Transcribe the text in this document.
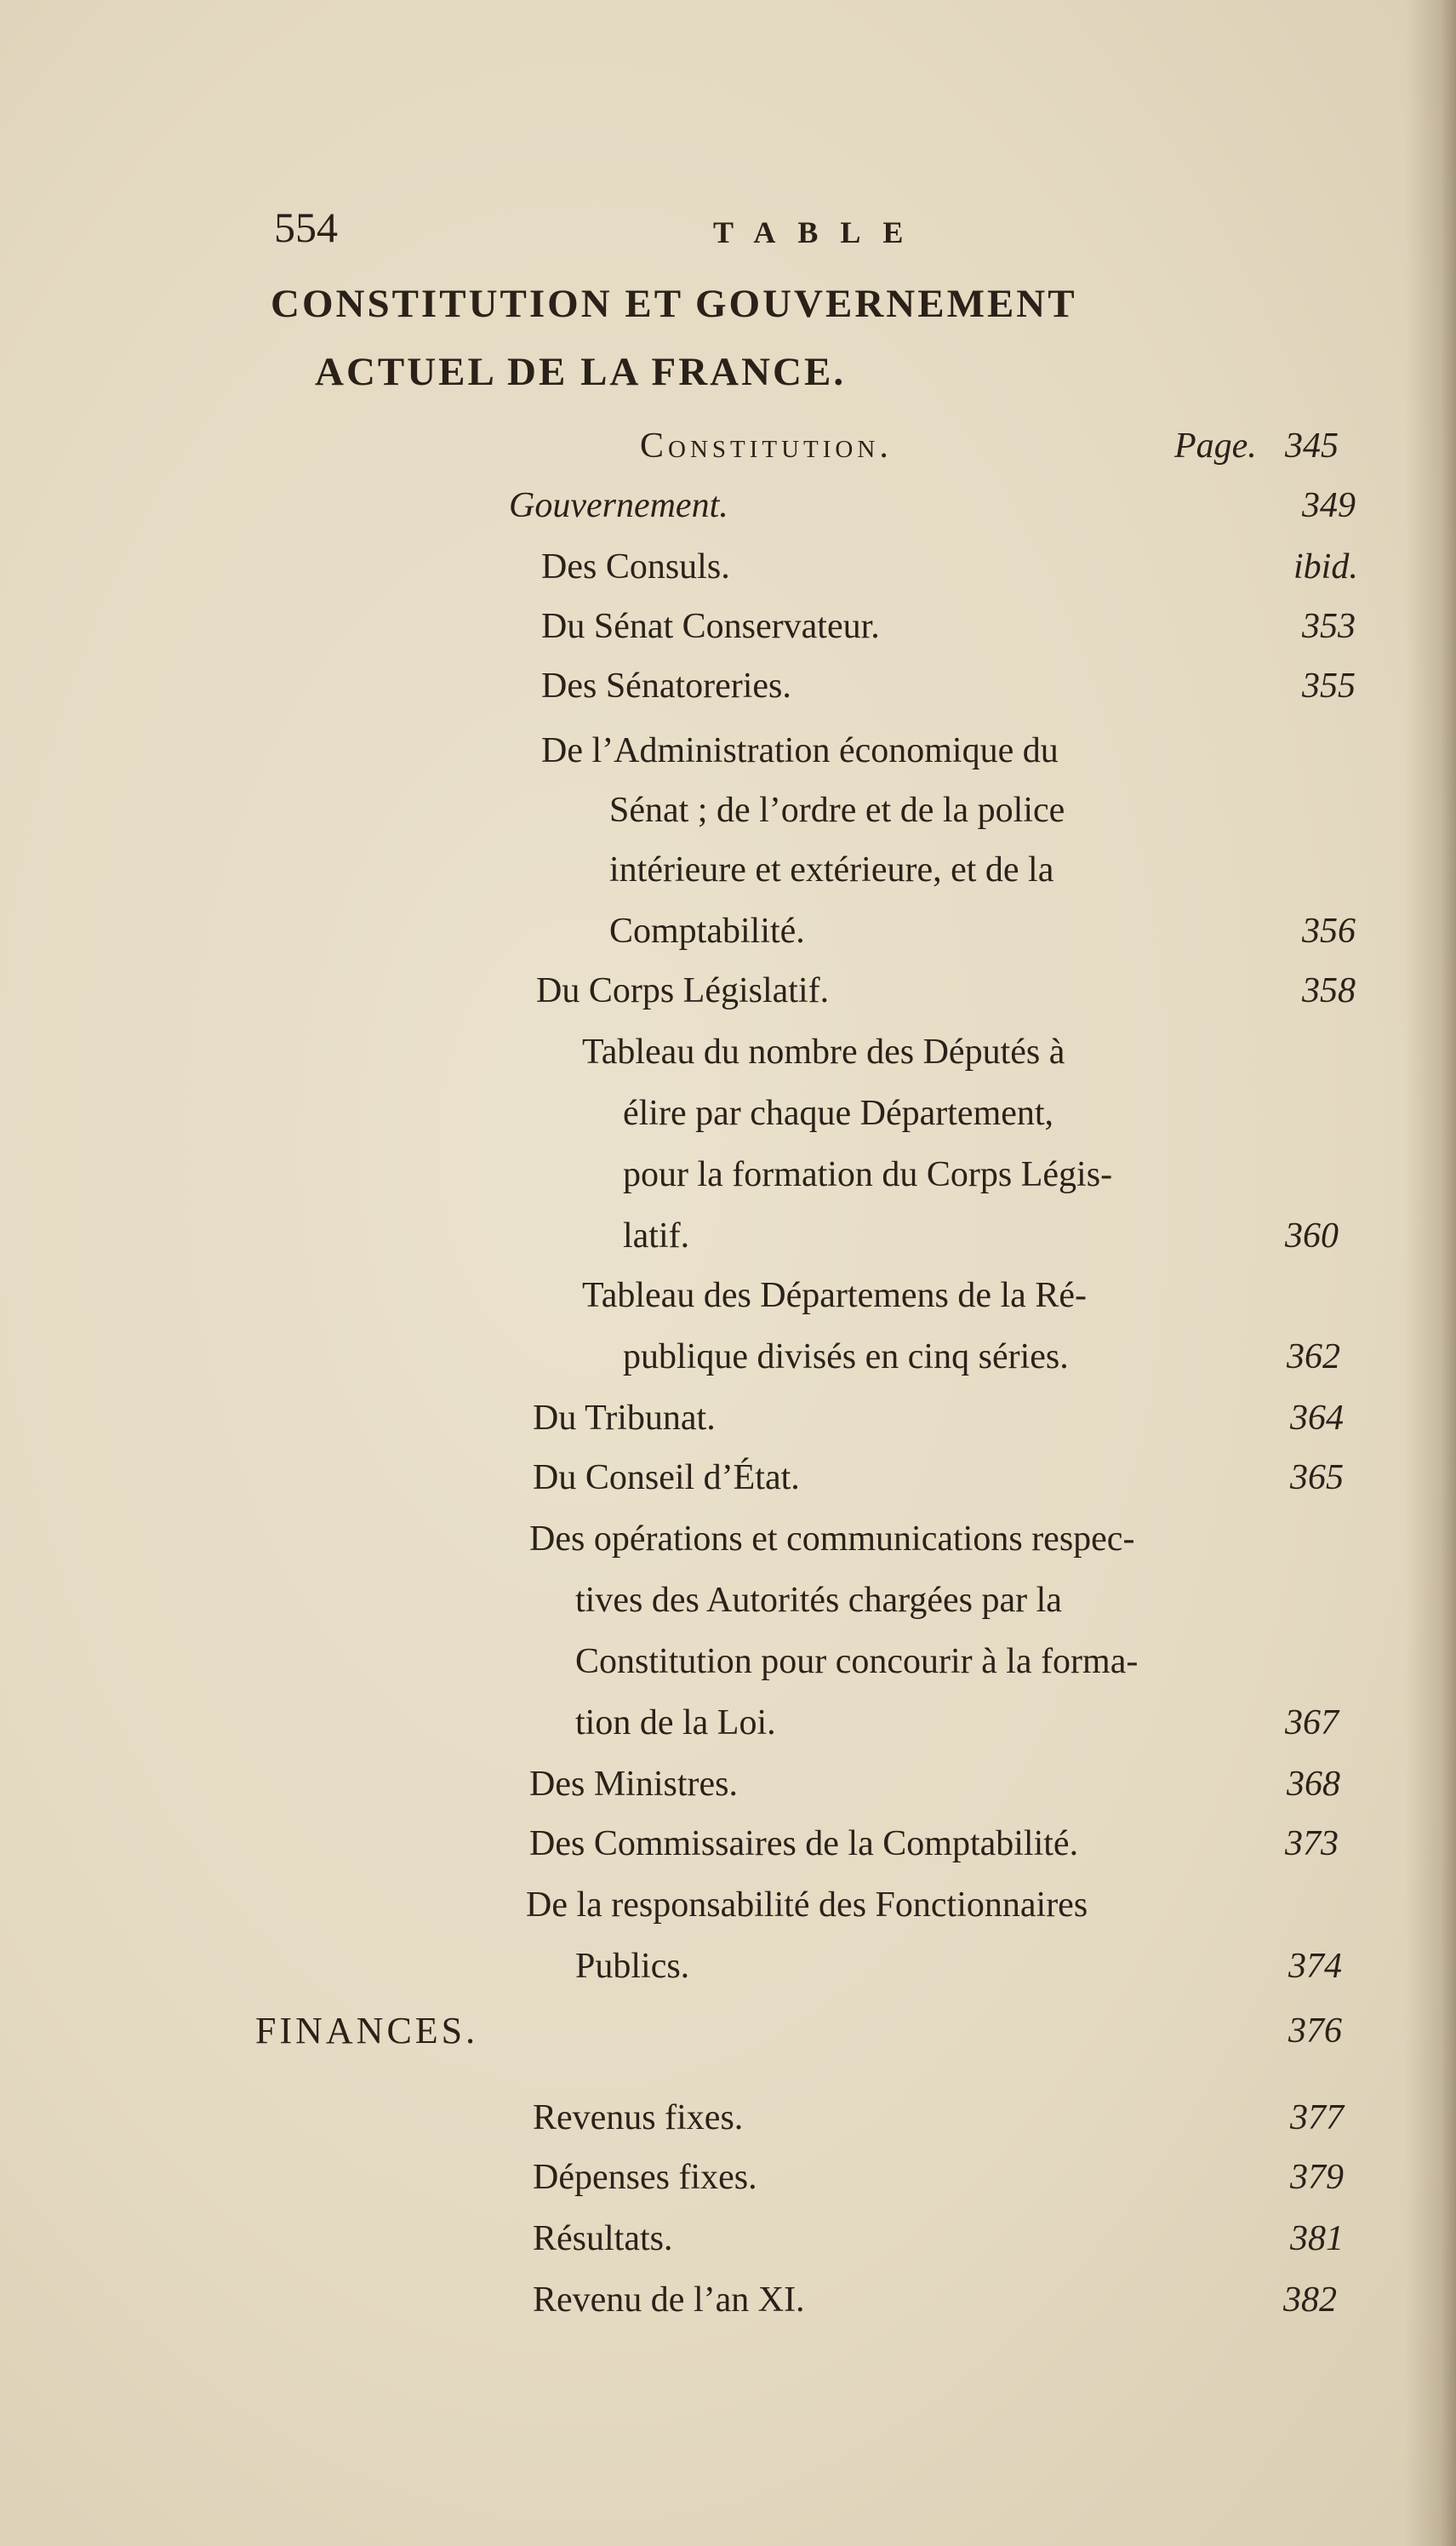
554	TABLE
CONSTITUTION ET GOUVERNEMENT
ACTUEL DE LA FRANCE.
Constitution.	Page. 345
Gouvernement.	349
Des Consuls.	ibid.
Du Sénat Conservateur.	353
Des Sénatoreries.	355
De l’Administration économique du
Sénat ; de l’ordre et de la police
intérieure et extérieure, et de la
Comptabilité.	356
Du Corps Législatif.	358
Tableau du nombre des Députés à
élire par chaque Département,
pour la formation du Corps Légis-
latif.	360
Tableau des Départemens de la Ré-
publique divisés en cinq séries.	362
Du Tribunat.	364
Du Conseil d’État.	365
Des opérations et communications respec-
tives des Autorités chargées par la
Constitution pour concourir à la forma-
tion de la Loi.	367
Des Ministres.	368
Des Commissaires de la Comptabilité.	373
De la responsabilité des Fonctionnaires
Publics.	374
FINANCES.	376
Revenus fixes.	377
Dépenses fixes.	379
Résultats.	381
Revenu de l’an XI.	382
